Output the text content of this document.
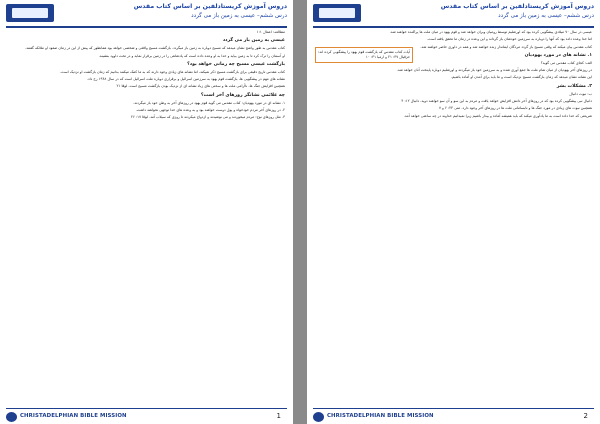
دروس آموزش کریستادلفین بر اساس کتاب مقدس
درس ششم– عیسی به زمین باز می گردد

مطالعه: اعمال ۱:۱

عیسی به زمین باز می گردد

کتاب مقدس به طور واضح نشان میدهد که مسیح دوباره به زمین باز میگردد. بازگشت مسیح واقعی و شخصی خواهد بود همانطور که پیش از این در زمان صعود او ملائکه گفتند.

او آسمان را ترک کرد تا به زمین بیاید و خدا به او وعده داده است که پادشاهی را در زمین برقرار نماید و در تخت داوود بنشیند.

بازگشت عیسی مسیح چه زمانی خواهد بود؟

کتاب مقدس تاریخ دقیقی برای بازگشت مسیح ذکر نمیکند، اما نشانه های زیادی وجود دارند که به ما کمک میکنند بدانیم که زمان بازگشت او نزدیک است.

نشانه های مهم در پیشگویی ها، بازگشت قوم یهود به سرزمین اسرائیل و برقراری دوباره ملت اسرائیل است که در سال ۱۹۴۸ رخ داد.

همچنین افزایش جنگ ها، ناآرامی ملت ها و سختی های زیاد نشانه ای از نزدیک بودن بازگشت مسیح است. لوقا ۲۱

چه علائمی نشانگر روزهای آخر است؟

۱. نشانه ای در مورد یهودیان: کتاب مقدس می گوید قوم یهود در روزهای آخر به وطن خود باز میگردند.

۲. در روزهای آخر مردم خودخواه و پول دوست خواهند بود و به وعده های خدا توجهی نخواهند داشت.

۳. مثل روزهای نوح: مردم میخوردند و می نوشیدند و ازدواج میکردند تا روزی که سیلاب آمد. لوقا ۱۷: ۲۶

CHRISTADELPHIAN BIBLE MISSION	1
دروس آموزش کریستادلفین بر اساس کتاب مقدس
درس ششم– عیسی به زمین باز می گردد

عیسی در سال ۷۰ میلادی پیشگویی کرده بود که اورشلیم توسط رومیان ویران خواهد شد و قوم یهود در میان ملت ها پراکنده خواهند شد.

اما خدا وعده داده بود که آنها را دوباره به سرزمین خودشان باز گرداند و این وعده در زمان ما تحقق یافته است.

آیات کتاب مقدس که بازگشت قوم یهود را پیشگویی کرده اند: حزقیال ۳۷: ۲۱ و ارمیا ۳۱: ۱۰

کتاب مقدس بیان میکند که وقتی مسیح باز گردد مردگان ایماندار زنده خواهند شد و همه در داوری حاضر خواهند شد.

۱. نشانه های در مورد یهودیان

الف: کجای کتاب مقدس می گوید؟

در روزهای آخر یهودیان از میان تمام ملت ها جمع آوری شده و به سرزمین خود باز میگردند و اورشلیم دوباره پایتخت آنان خواهد شد.

این نشانه نشان میدهد که زمان بازگشت مسیح نزدیک است و ما باید برای آمدن او آماده باشیم.

۲. مشکلات بشر

ب: نبوت دانیال

دانیال نبی پیشگویی کرده بود که در روزهای آخر دانش افزایش خواهد یافت و مردم به این سو و آن سو خواهند دوید. دانیال ۱۲: ۴

همچنین نبوت های زیادی در مورد جنگ ها و نابسامانی ملت ها در روزهای آخر وجود دارد. متی ۲۴: ۶ و ۷

شریعتی که خدا داده است به ما یادآوری میکند که باید همیشه آماده و بیدار باشیم زیرا نمیدانیم خداوند در چه ساعتی خواهد آمد.

CHRISTADELPHIAN BIBLE MISSION	2
